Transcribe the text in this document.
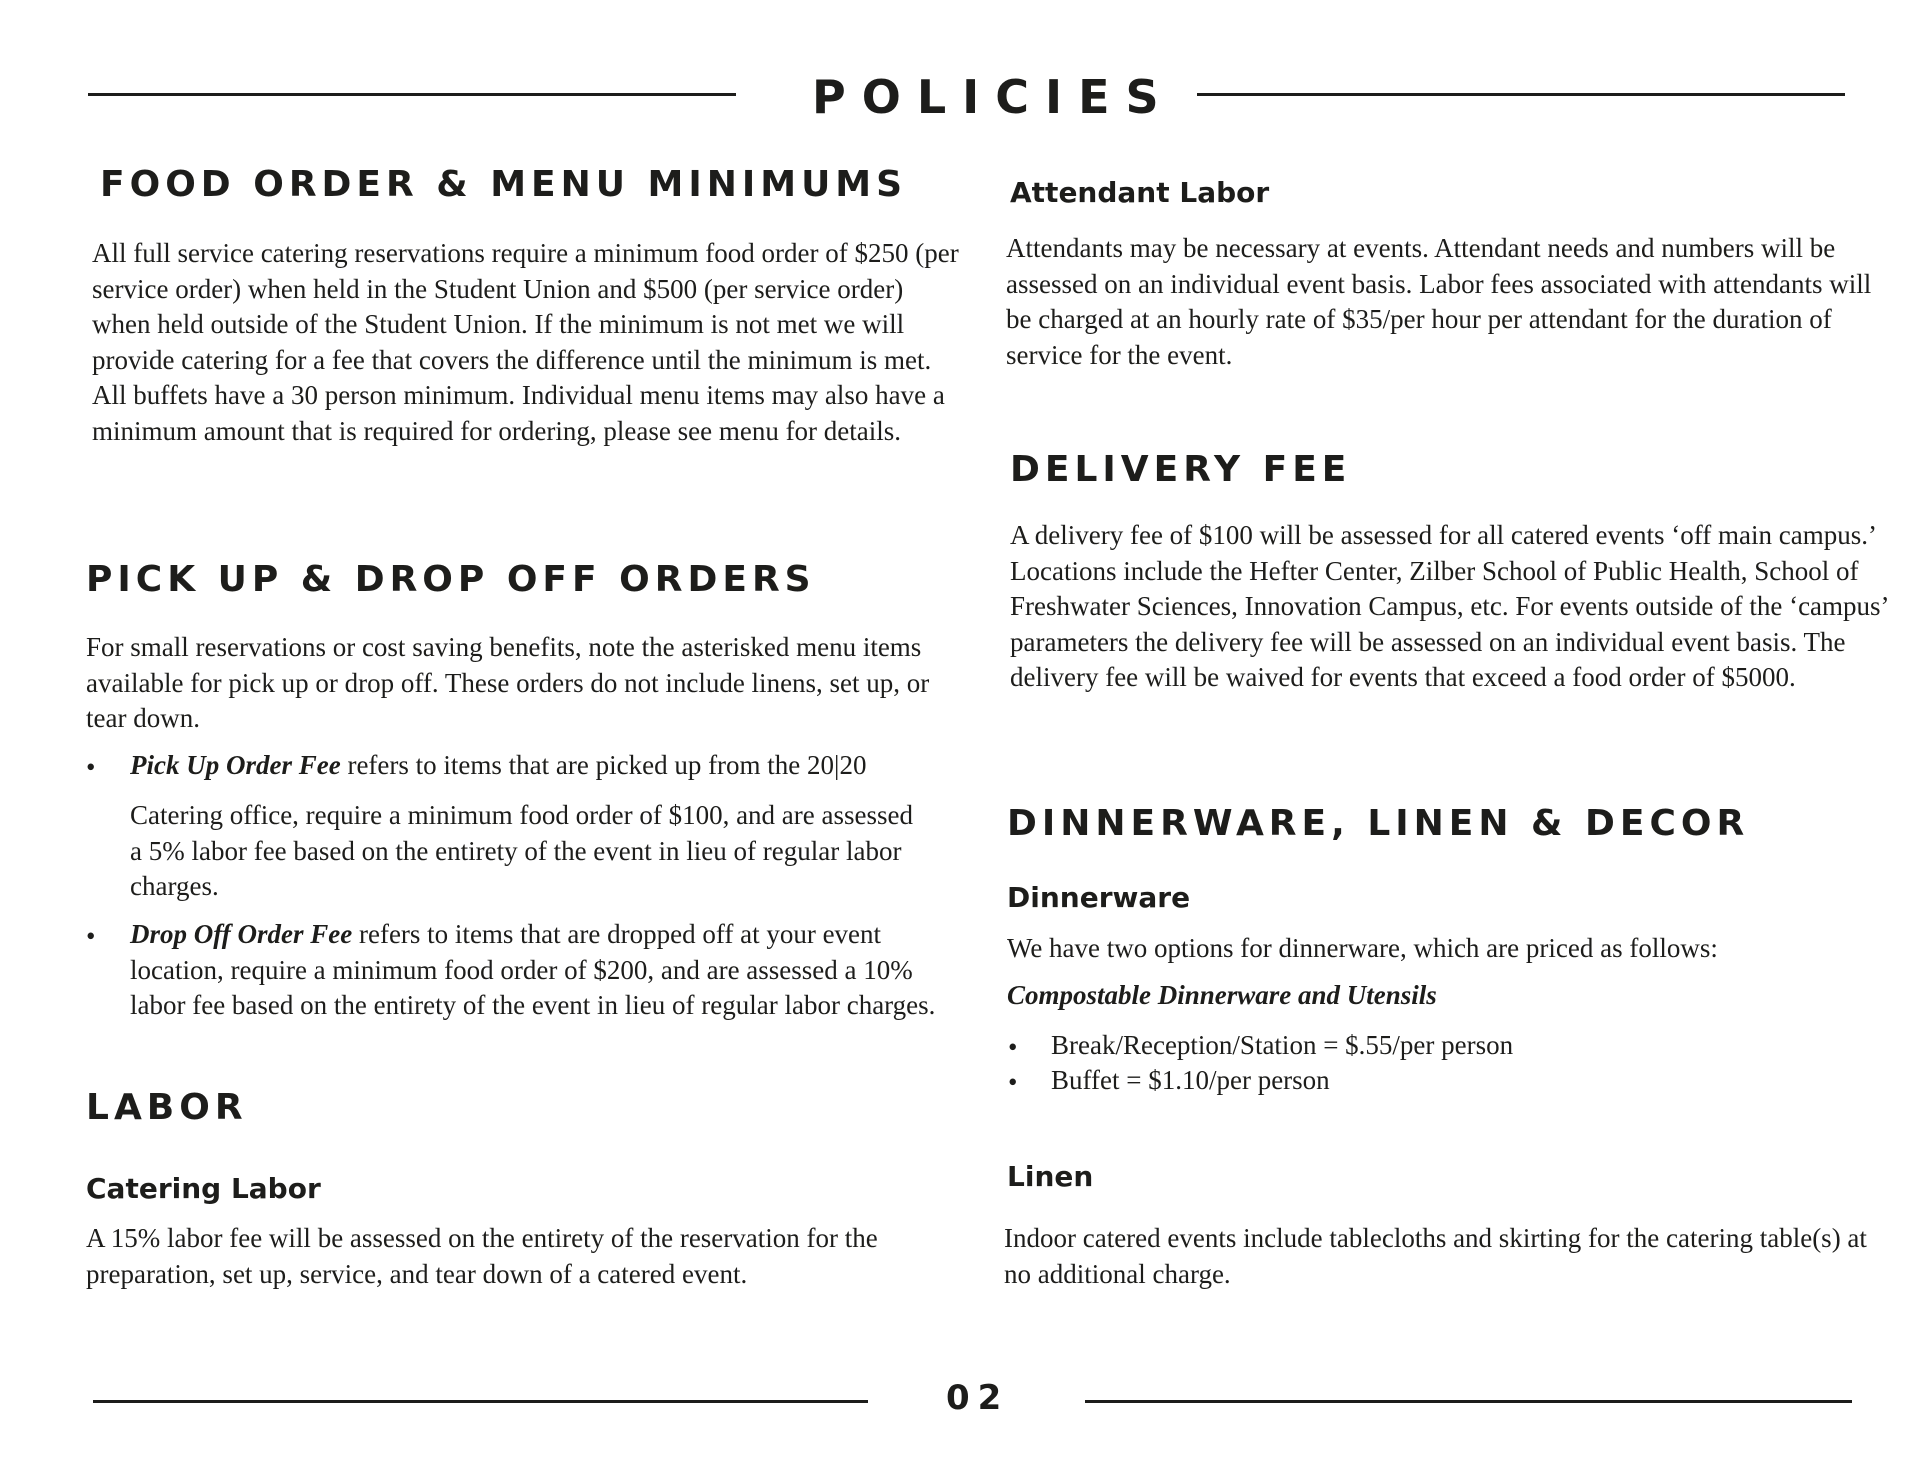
POLICIES
FOOD ORDER & MENU MINIMUMS

All full service catering reservations require a minimum food order of $250 (per service order) when held in the Student Union and $500 (per service order) when held outside of the Student Union. If the minimum is not met we will provide catering for a fee that covers the difference until the minimum is met.

All buffets have a 30 person minimum. Individual menu items may also have a minimum amount that is required for ordering, please see menu for details.

PICK UP & DROP OFF ORDERS

For small reservations or cost saving benefits, note the asterisked menu items available for pick up or drop off. These orders do not include linens, set up, or tear down.

• Pick Up Order Fee refers to items that are picked up from the 20|20

Catering office, require a minimum food order of $100, and are assessed a 5% labor fee based on the entirety of the event in lieu of regular labor charges.

• Drop Off Order Fee refers to items that are dropped off at your event location, require a minimum food order of $200, and are assessed a 10% labor fee based on the entirety of the event in lieu of regular labor charges.

LABOR
Catering Labor

A 15% labor fee will be assessed on the entirety of the reservation for the preparation, set up, service, and tear down of a catered event.

Attendant Labor

Attendants may be necessary at events. Attendant needs and numbers will be assessed on an individual event basis. Labor fees associated with attendants will be charged at an hourly rate of $35/per hour per attendant for the duration of service for the event.

DELIVERY FEE

A delivery fee of $100 will be assessed for all catered events ‘off main campus.’ Locations include the Hefter Center, Zilber School of Public Health, School of Freshwater Sciences, Innovation Campus, etc. For events outside of the ‘campus’ parameters the delivery fee will be assessed on an individual event basis. The delivery fee will be waived for events that exceed a food order of $5000.

DINNERWARE, LINEN & DECOR
Dinnerware

We have two options for dinnerware, which are priced as follows:

Compostable Dinnerware and Utensils

• Break/Reception/Station = $.55/per person

• Buffet = $1.10/per person

Linen

Indoor catered events include tablecloths and skirting for the catering table(s) at no additional charge.

02
